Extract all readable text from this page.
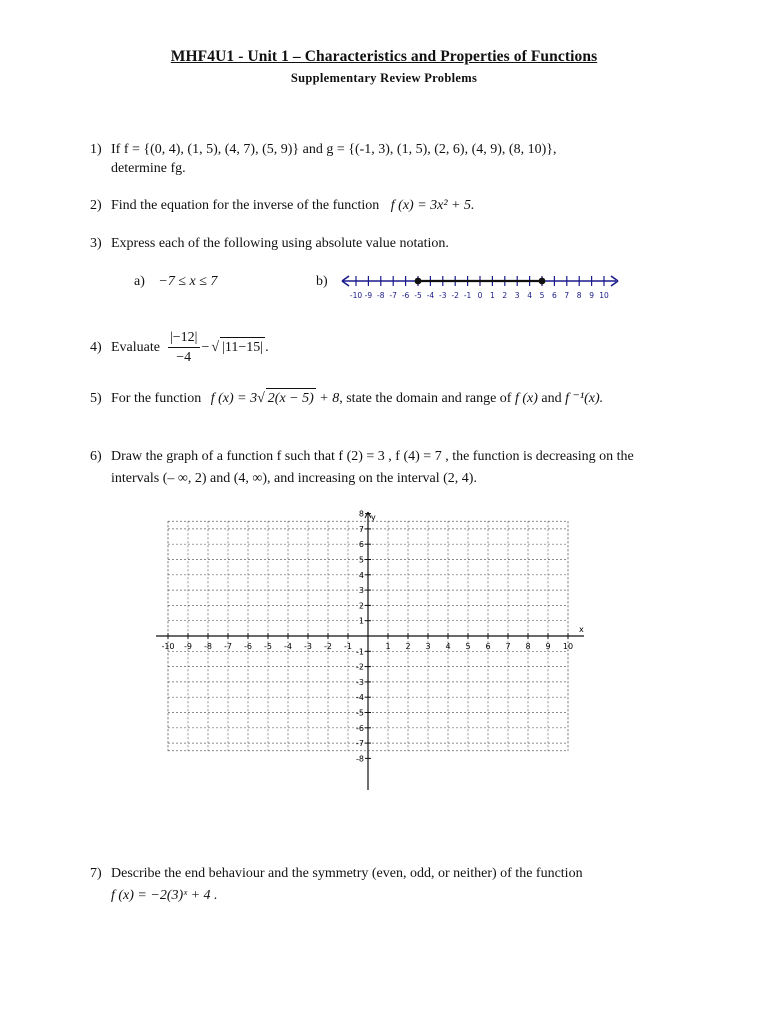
MHF4U1 - Unit 1 – Characteristics and Properties of Functions
Supplementary Review Problems
1) If f = {(0, 4), (1, 5), (4, 7), (5, 9)} and g = {(-1, 3), (1, 5), (2, 6), (4, 9), (8, 10)},
determine fg.
2) Find the equation for the inverse of the function f (x) = 3x² + 5.
3) Express each of the following using absolute value notation.
a) −7 ≤ x ≤ 7	b)
-10 -9 -8 -7 -6 -5 -4 -3 -2 -1 0 1 2 3 4 5 6 7 8 9 10
4) Evaluate $\frac{|-12|}{-4}$ − √ |11−15| .
5) For the function f (x) = 3√ 2(x − 5) + 8, state the domain and range of f (x) and f ⁻¹(x).
6) Draw the graph of a function f such that f (2) = 3 , f (4) = 7 , the function is decreasing on the
intervals (– ∞, 2) and (4, ∞), and increasing on the interval (2, 4).
y
x
-10 -9 -8 -7 -6 -5 -4 -3 -2 -1	1 2 3 4 5 6 7 8 9 10
8
7
6
5
4
3
2
1
-1
-2
-3
-4
-5
-6
-7
-8
7) Describe the end behaviour and the symmetry (even, odd, or neither) of the function
f (x) = −2(3)ˣ + 4 .
